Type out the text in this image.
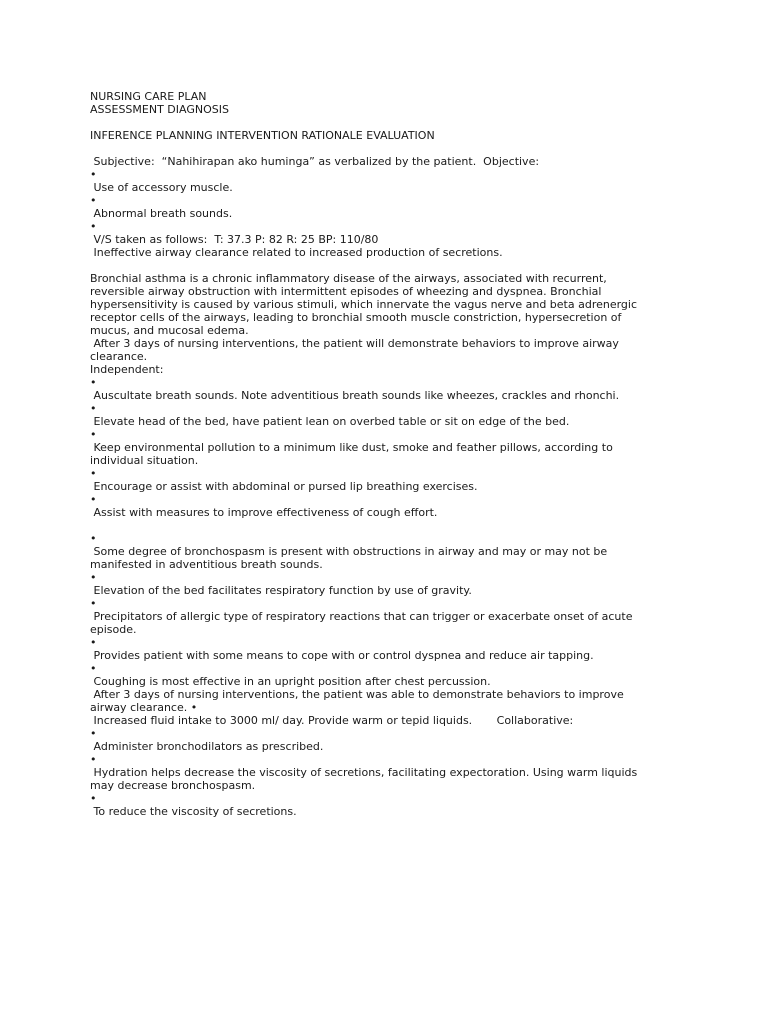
NURSING CARE PLAN

ASSESSMENT DIAGNOSIS

INFERENCE PLANNING INTERVENTION RATIONALE EVALUATION

Subjective:  “Nahihirapan ako huminga” as verbalized by the patient.  Objective:

•

Use of accessory muscle.

•

Abnormal breath sounds.

•

V/S taken as follows:  T: 37.3 P: 82 R: 25 BP: 110/80

Ineffective airway clearance related to increased production of secretions.

Bronchial asthma is a chronic inflammatory disease of the airways, associated with recurrent, reversible airway obstruction with intermittent episodes of wheezing and dyspnea. Bronchial hypersensitivity is caused by various stimuli, which innervate the vagus nerve and beta adrenergic receptor cells of the airways, leading to bronchial smooth muscle constriction, hypersecretion of mucus, and mucosal edema.

After 3 days of nursing interventions, the patient will demonstrate behaviors to improve airway clearance.

Independent:

•

Auscultate breath sounds. Note adventitious breath sounds like wheezes, crackles and rhonchi.

•

Elevate head of the bed, have patient lean on overbed table or sit on edge of the bed.

•

Keep environmental pollution to a minimum like dust, smoke and feather pillows, according to individual situation.

•

Encourage or assist with abdominal or pursed lip breathing exercises.

•

Assist with measures to improve effectiveness of cough effort.

•

Some degree of bronchospasm is present with obstructions in airway and may or may not be manifested in adventitious breath sounds.

•

Elevation of the bed facilitates respiratory function by use of gravity.

•

Precipitators of allergic type of respiratory reactions that can trigger or exacerbate onset of acute episode.

•

Provides patient with some means to cope with or control dyspnea and reduce air tapping.

•

Coughing is most effective in an upright position after chest percussion.

After 3 days of nursing interventions, the patient was able to demonstrate behaviors to improve airway clearance. •

Increased fluid intake to 3000 ml/ day. Provide warm or tepid liquids.       Collaborative:

•

Administer bronchodilators as prescribed.

•

Hydration helps decrease the viscosity of secretions, facilitating expectoration. Using warm liquids may decrease bronchospasm.

•

To reduce the viscosity of secretions.
